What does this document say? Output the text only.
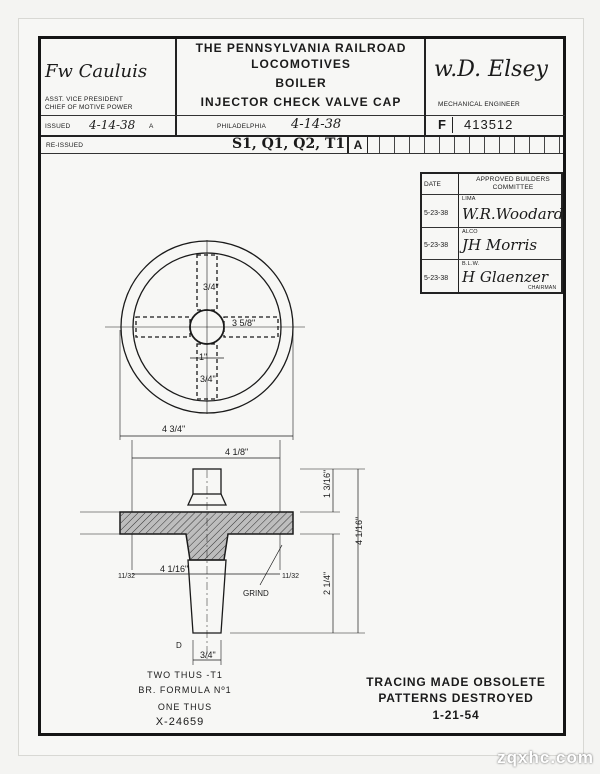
Fw Cauluis
ASST. VICE PRESIDENT
CHIEF OF MOTIVE POWER
ISSUED 4-14-38 A
THE PENNSYLVANIA RAILROAD
LOCOMOTIVES
BOILER
INJECTOR CHECK VALVE CAP
PHILADELPHIA 4-14-38
w.D. Elsey
MECHANICAL ENGINEER
F 413512
RE-ISSUED	S1, Q1, Q2, T1 A
DATE
APPROVED BUILDERS COMMITTEE
5-23-38
LIMA
W.R.Woodard
5-23-38
ALCO
JH Morris
5-23-38
B.L.W.
H Glaenzer
CHAIRMAN
3/4"
1"
3/4"
3 5/8"
4 3/4"
4 1/8"
4 1/16"
4 1/16"
2 1/4"
1 3/16"
GRIND
3/4"
11/32	11/32
D
TWO THUS -T1
BR. FORMULA Nº1
ONE THUS
X-24659
TRACING MADE OBSOLETE
PATTERNS DESTROYED
1-21-54
zqxhc.com
